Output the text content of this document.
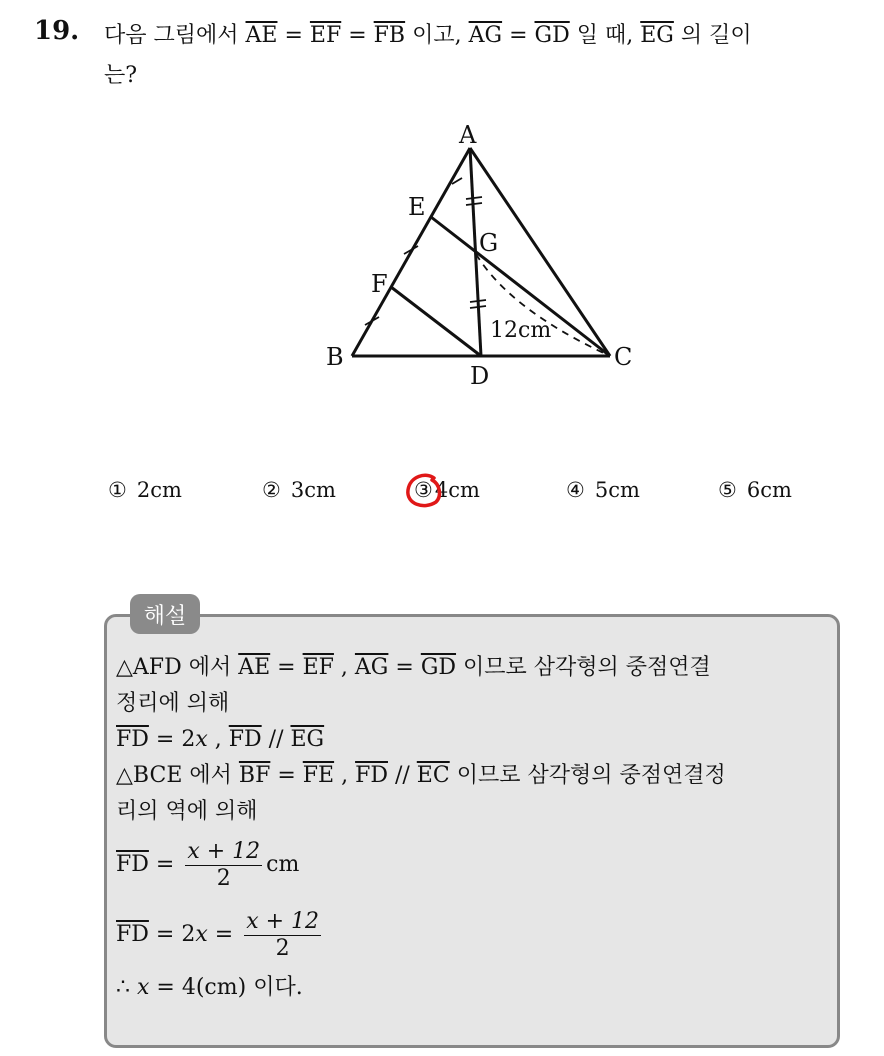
19. 다음 그림에서 $\overline{AE} = \overline{EF} = \overline{FB}$ 이고, $\overline{AG} = \overline{GD}$ 일 때, $\overline{EG}$ 의 길이
는?
A
B	C
D
E
F
G
12cm
① 2cm	② 3cm	③4cm	④ 5cm	⑤ 6cm
해설
△AFD 에서 $\overline{AE} = \overline{EF}$ , $\overline{AG} = \overline{GD}$ 이므로 삼각형의 중점연결
정리에 의해
$\overline{FD} = 2x$ , $\overline{FD} // \overline{EG}$
△BCE 에서 $\overline{BF} = \overline{FE}$ , $\overline{FD} // \overline{EC}$ 이므로 삼각형의 중점연결정
리의 역에 의해
$\overline{FD} = \frac{x + 12}{2}$ cm
$\overline{FD} = 2x = \frac{x + 12}{2}$
∴ x = 4(cm) 이다.
